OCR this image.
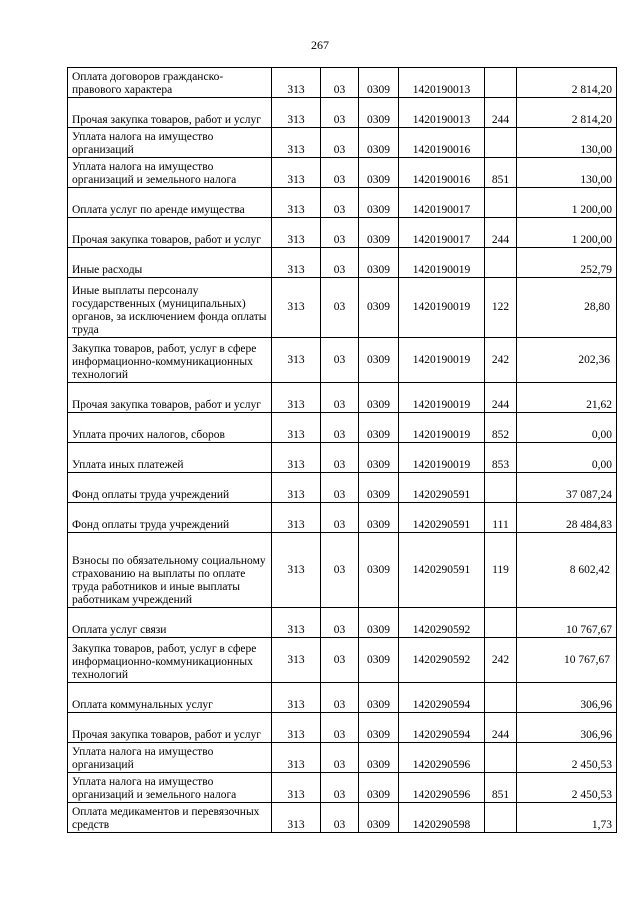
267
Оплата договоров гражданско-правового характера	313	03	0309	1420190013		2 814,20
Прочая закупка товаров, работ и услуг	313	03	0309	1420190013	244	2 814,20
Уплата налога на имущество организаций	313	03	0309	1420190016		130,00
Уплата налога на имущество организаций и земельного налога	313	03	0309	1420190016	851	130,00
Оплата услуг по аренде имущества	313	03	0309	1420190017		1 200,00
Прочая закупка товаров, работ и услуг	313	03	0309	1420190017	244	1 200,00
Иные расходы	313	03	0309	1420190019		252,79
Иные выплаты персоналу государственных (муниципальных) органов, за исключением фонда оплаты труда	313	03	0309	1420190019	122	28,80
Закупка товаров, работ, услуг в сфере информационно-коммуникационных технологий	313	03	0309	1420190019	242	202,36
Прочая закупка товаров, работ и услуг	313	03	0309	1420190019	244	21,62
Уплата прочих налогов, сборов	313	03	0309	1420190019	852	0,00
Уплата иных платежей	313	03	0309	1420190019	853	0,00
Фонд оплаты труда учреждений	313	03	0309	1420290591		37 087,24
Фонд оплаты труда учреждений	313	03	0309	1420290591	111	28 484,83
Взносы по обязательному социальному страхованию на выплаты по оплате труда работников и иные выплаты работникам учреждений	313	03	0309	1420290591	119	8 602,42
Оплата услуг связи	313	03	0309	1420290592		10 767,67
Закупка товаров, работ, услуг в сфере информационно-коммуникационных технологий	313	03	0309	1420290592	242	10 767,67
Оплата коммунальных услуг	313	03	0309	1420290594		306,96
Прочая закупка товаров, работ и услуг	313	03	0309	1420290594	244	306,96
Уплата налога на имущество организаций	313	03	0309	1420290596		2 450,53
Уплата налога на имущество организаций и земельного налога	313	03	0309	1420290596	851	2 450,53
Оплата медикаментов и перевязочных средств	313	03	0309	1420290598		1,73
